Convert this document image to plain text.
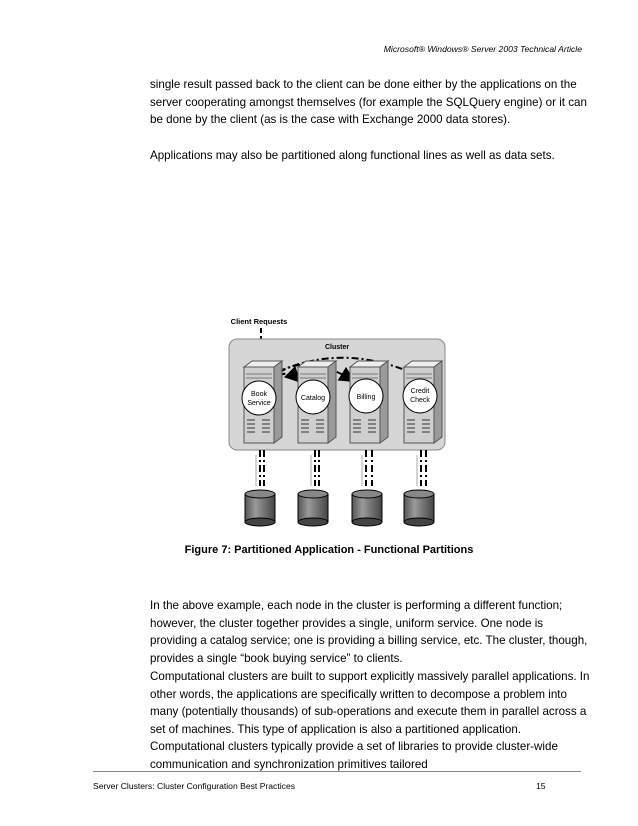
Microsoft® Windows® Server 2003 Technical Article

single result passed back to the client can be done either by the applications on the server cooperating amongst themselves (for example the SQLQuery engine) or it can be done by the client (as is the case with Exchange 2000 data stores).

Applications may also be partitioned along functional lines as well as data sets.

Client Requests
Cluster
Book
Service
Catalog	Billing
Credit
Check
Figure 7: Partitioned Application - Functional Partitions

In the above example, each node in the cluster is performing a different function; however, the cluster together provides a single, uniform service. One node is providing a catalog service; one is providing a billing service, etc. The cluster, though, provides a single “book buying service” to clients.

Computational clusters are built to support explicitly massively parallel applications. In other words, the applications are specifically written to decompose a problem into many (potentially thousands) of sub-operations and execute them in parallel across a set of machines. This type of application is also a partitioned application. Computational clusters typically provide a set of libraries to provide cluster-wide communication and synchronization primitives tailored

Server Clusters: Cluster Configuration Best Practices	15
